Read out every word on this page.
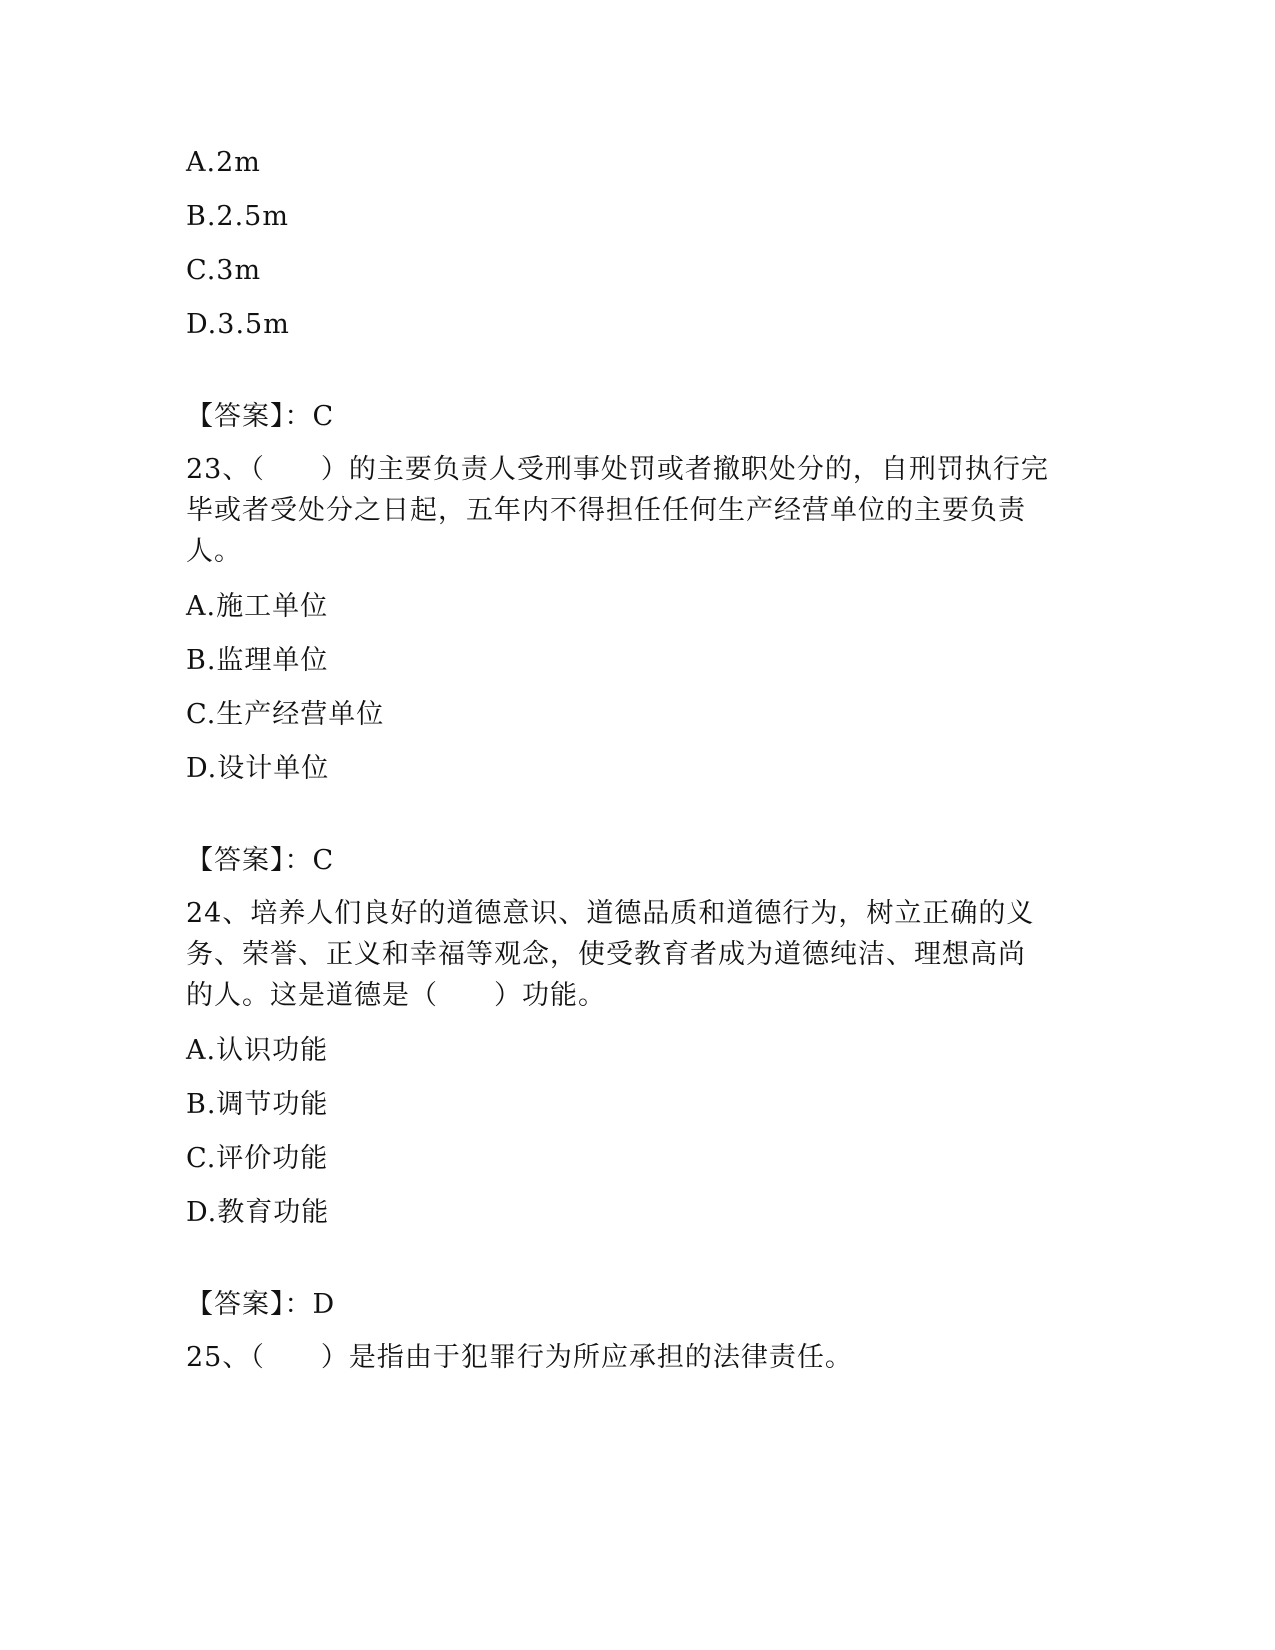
A.2m
B.2.5m
C.3m
D.3.5m
【答案】：C
23、（　　）的主要负责人受刑事处罚或者撤职处分的，自刑罚执行完
毕或者受处分之日起，五年内不得担任任何生产经营单位的主要负责
人。
A.施工单位
B.监理单位
C.生产经营单位
D.设计单位
【答案】：C
24、培养人们良好的道德意识、道德品质和道德行为，树立正确的义
务、荣誉、正义和幸福等观念，使受教育者成为道德纯洁、理想高尚
的人。这是道德是（　　）功能。
A.认识功能
B.调节功能
C.评价功能
D.教育功能
【答案】：D
25、（　　）是指由于犯罪行为所应承担的法律责任。
